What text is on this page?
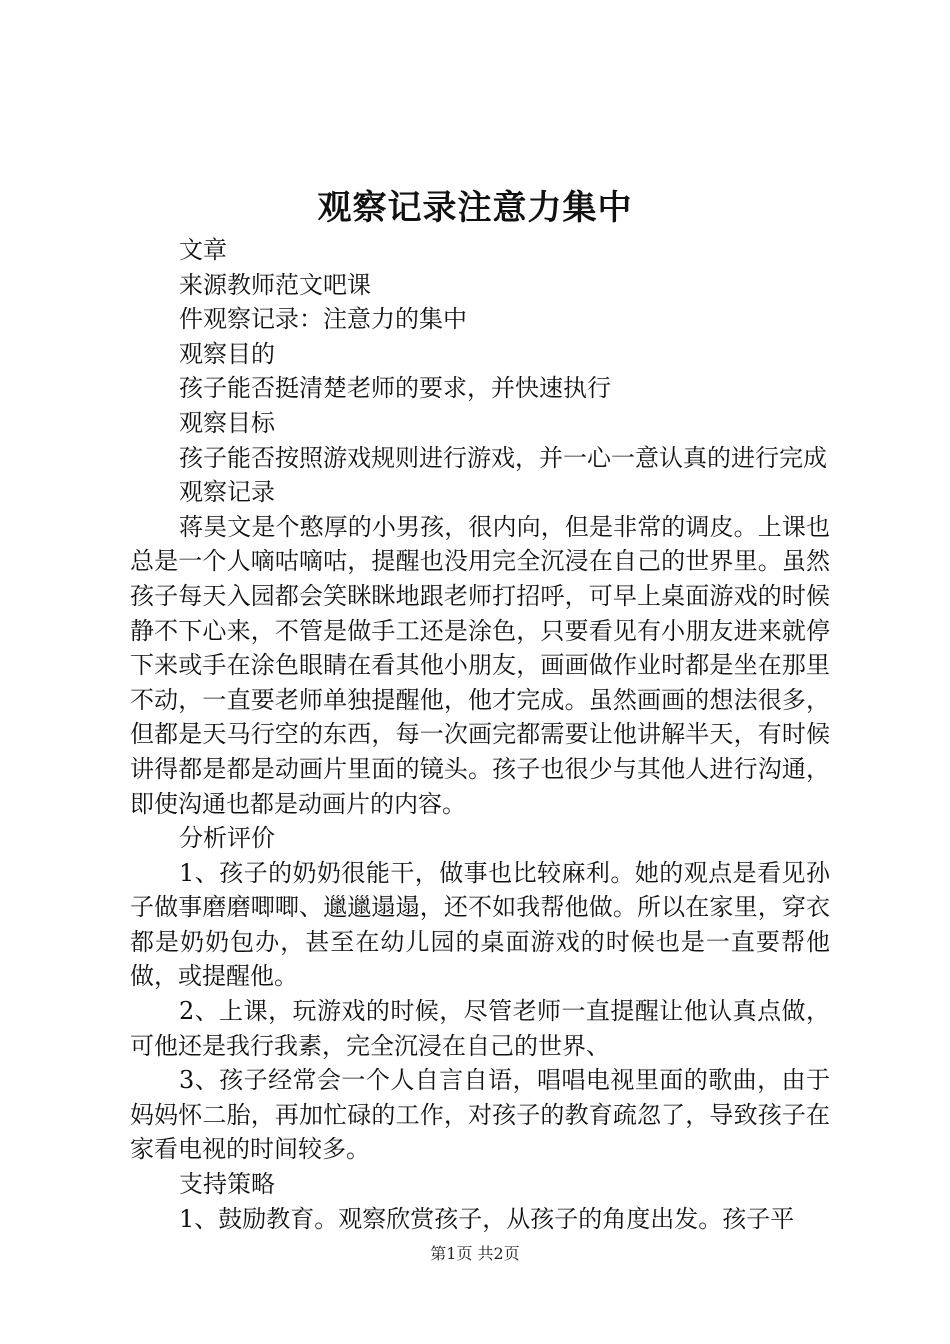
观察记录注意力集中

文章

来源教师范文吧课

件观察记录：注意力的集中

观察目的

孩子能否挺清楚老师的要求，并快速执行

观察目标

孩子能否按照游戏规则进行游戏，并一心一意认真的进行完成

观察记录

蒋昊文是个憨厚的小男孩，很内向，但是非常的调皮。上课也总是一个人嘀咕嘀咕，提醒也没用完全沉浸在自己的世界里。虽然孩子每天入园都会笑眯眯地跟老师打招呼，可早上桌面游戏的时候静不下心来，不管是做手工还是涂色，只要看见有小朋友进来就停下来或手在涂色眼睛在看其他小朋友，画画做作业时都是坐在那里不动，一直要老师单独提醒他，他才完成。虽然画画的想法很多，但都是天马行空的东西，每一次画完都需要让他讲解半天，有时候讲得都是都是动画片里面的镜头。孩子也很少与其他人进行沟通，即使沟通也都是动画片的内容。

分析评价

1、孩子的奶奶很能干，做事也比较麻利。她的观点是看见孙子做事磨磨唧唧、邋邋遢遢，还不如我帮他做。所以在家里，穿衣都是奶奶包办，甚至在幼儿园的桌面游戏的时候也是一直要帮他做，或提醒他。

2、上课，玩游戏的时候，尽管老师一直提醒让他认真点做，可他还是我行我素，完全沉浸在自己的世界、

3、孩子经常会一个人自言自语，唱唱电视里面的歌曲，由于妈妈怀二胎，再加忙碌的工作，对孩子的教育疏忽了，导致孩子在家看电视的时间较多。

支持策略

1、鼓励教育。观察欣赏孩子，从孩子的角度出发。孩子平

第1页 共2页
